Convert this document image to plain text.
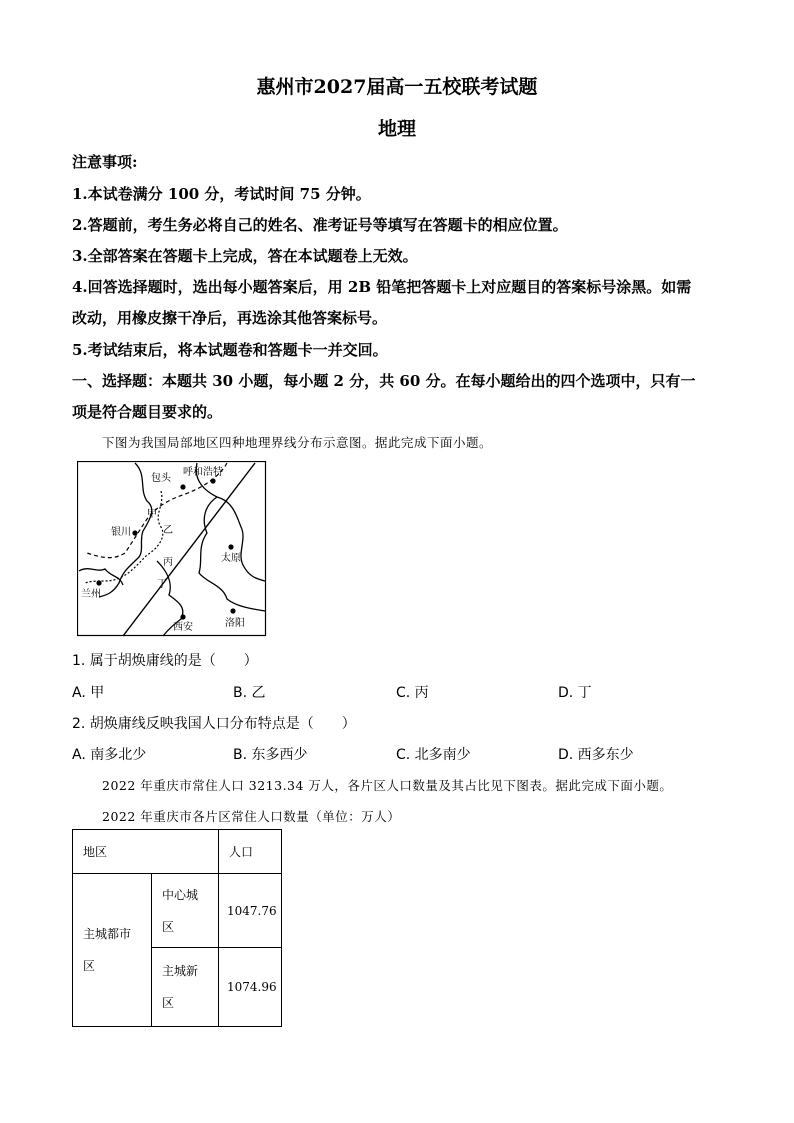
惠州市2027届高一五校联考试题
地理
注意事项:
1.本试卷满分 100 分，考试时间 75 分钟。
2.答题前，考生务必将自己的姓名、准考证号等填写在答题卡的相应位置。
3.全部答案在答题卡上完成，答在本试题卷上无效。
4.回答选择题时，选出每小题答案后，用 2B 铅笔把答题卡上对应题目的答案标号涂黑。如需
改动，用橡皮擦干净后，再选涂其他答案标号。
5.考试结束后，将本试题卷和答题卡一并交回。
一、选择题：本题共 30 小题，每小题 2 分，共 60 分。在每小题给出的四个选项中，只有一
项是符合题目要求的。
下图为我国局部地区四种地理界线分布示意图。据此完成下面小题。
包头
呼和浩特
甲
乙
银川
丙
丁
太原
兰州
西安	洛阳
1. 属于胡焕庸线的是（　　）
A. 甲	B. 乙	C. 丙	D. 丁
2. 胡焕庸线反映我国人口分布特点是（　　）
A. 南多北少	B. 东多西少	C. 北多南少	D. 西多东少
2022 年重庆市常住人口 3213.34 万人，各片区人口数量及其占比见下图表。据此完成下面小题。
2022 年重庆市各片区常住人口数量（单位：万人）
地区		人口

主城都市区	中心城区	1047.76

	主城新区	1074.96
